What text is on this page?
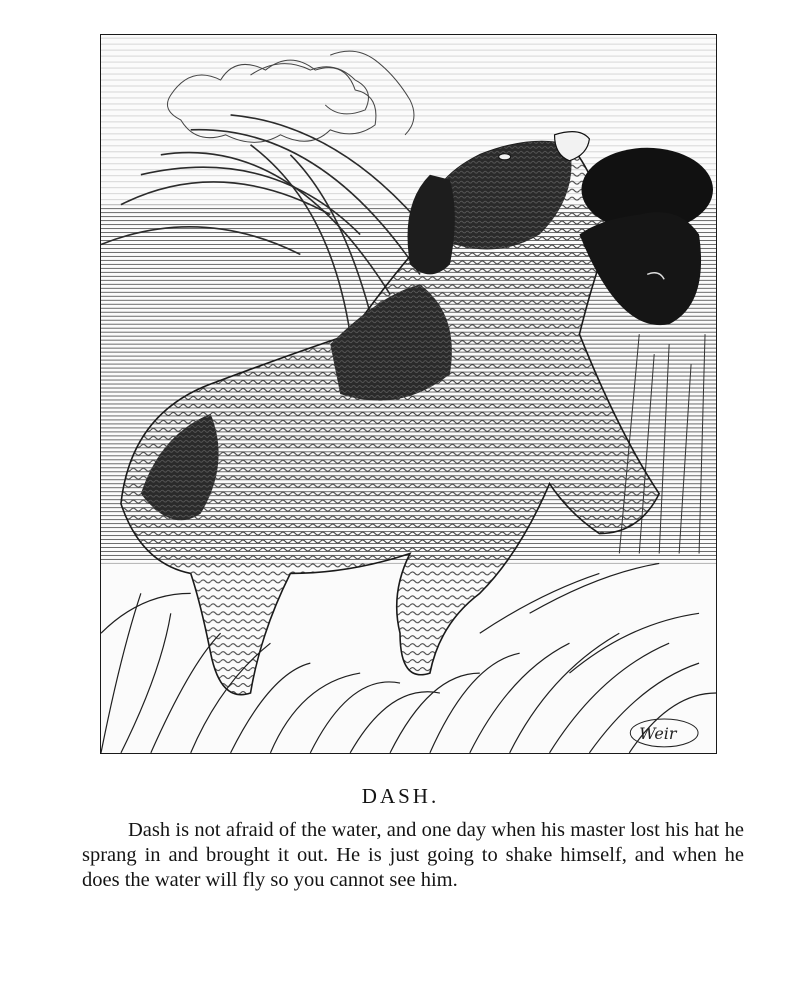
Weir
DASH.

Dash is not afraid of the water, and one day when his master lost his hat he sprang in and brought it out. He is just going to shake himself, and when he does the water will fly so you cannot see him.
